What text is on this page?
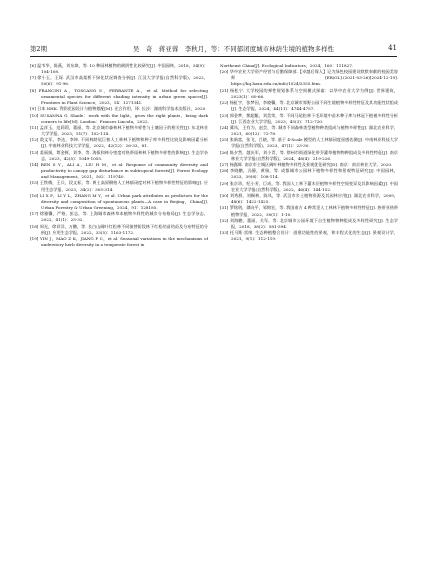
第2期	吴　奇　蒋亚蓉　李秋月，等：不同郁闭度城市林荫生境的植物多样性	41

[6] 温韦华，陈燕，刘东焕，等. 10 种园林植物的耐阴性比较研究[J]. 中国园林，2018，34(9)：104-108.

[7] 徐小玉，王琛. 武汉市高架桥下绿化状况调查分析[J]. 江汉大学学报(自然科学版)，2022，50(6)：91-96.

[8] FRANCINI A，TOSCANO S，FERRANTE A，et al. Method for selecting ornamental species for different shading intensity in urban green spaces[J]. Frontiers in Plant Science，2023，14：1271341.

[9] 日本 NHK. 背阴花园设计与植物搭配[M]. 光合作用，译. 长沙：湖南科学技术出版社，2020.

[10] SUSANNA G. Shade：work with the light，grow the right plants，bring dark corners to life[M]. London：Frances Lincoln，2022.

[11] 孟祥玉，范莉莉，董丽，等. 北京城市森林林下植物多样性与土壤因子的相关性[J]. 东北林业大学学报，2023，51(7)：102-114.

[12] 敦文军，李达，李坤. 不同林龄尾巨桉人工林林下植物和种子库多样性比较及影响因素分析[J]. 中南林业科技大学学报，2022，42(12)：26-33，81.

[13] 姜丽娟，覃金辉，刘李，等. 海拔和林分密度对热带雨林林下植物多样性的影响[J]. 生态学杂志，2023，42(5)：1049-1055.

[14] REN S Y，ALI A，LIU H M，et al. Response of community diversity and productivity to canopy gap disturbance in subtropical forests[J]. Forest Ecology and Management，2021，502：119740.

[15] 王铁梅，王兵，段文标，等. 黄土高原侧柏人工林郁闭度对林下植物多样性特征的影响[J]. 应用生态学报，2023，34(2)：305-314.

[16] LI X P，LI Y L，ZHANG M Y，et al. Urban park attributes as predictors for the diversity and composition of spontaneous plants—A case in Beijing，China[J]. Urban Forestry & Urban Greening，2024，91：128185.

[17] 徐雅馨，严格，彭志，等. 上海城市森林草本植物多样性的城乡分布格局[J]. 生态学杂志，2022，41(1)：25-32.

[18] 周光，徐祥洋，万鹏，等. 长白山阔叶红松林不同演替阶段林下红松幼苗幼苗及分布特征的分析[J]. 应用生态学报，2022，33(5)：1163-1172.

[19] YIN J，MAO Z K，JIANG P C，et al. Seasonal variations in the mechanisms of understory herb diversity in a temperate forest in

Northeast China[J]. Ecological Indicators，2024，160：111827.

[20] 华中农业大学资产经营与后勤保障部.【卓越后保人】记为绿色校园建设默默奉献的校园美容师[EB/OL].(2021-03-26)[2024-12-19]. https://hq.hzau.edu.cn/info/1024/5355.htm.

[21] 杨松宁. 大学校园的弹性规划体系与空间模式探索：以华中农业大学为例[J]. 世界建筑，2023(1)：60-66.

[22] 杨虹宇，张梦因，李晓馨，等. 北京城市郊野公园不同生境植物多样性特征及其功能性状组成[J]. 生态学报，2024，44(11)：4744-4757.

[23] 郭金梦，熊超艇，刘美荣，等. 不同马尾松林下毛环境中苗木种子库与林冠下植被多样性分析[J]. 江西农业大学学报，2023，45(3)：712-720.

[24] 冀凤，王有为，赵芸，等. 城市不同森林类型植物种类组成与植物多样性[J]. 湖北农业科学，2021，60(12)：72-78.

[25] 张新富，张飞，吕晓，等. 基于 4-Scale 模型的人工林郁闭度遥感估测[J]. 中南林业科技大学学报(自然科学版)，2023，47(1)：23-30.

[26] 陈夕然，越庆军，刘小青，等. 徐州市街道绿化带乔灌草植物物种组成及多样性特征[J]. 南京林业大学学报(自然科学版)，2024，48(4)：219-226.

[27] 杨露辉. 南京市主城区阔叶林植物多样性及景观优化研究[D]. 南京：南京林业大学，2020.

[28] 李晓鹏，冯静，黄瑞，等. 成都城市公园林下植物多样性和景观特征研究[J]. 中国园林，2023，39(8)：108-114.

[29] 张京珍，纪小芳，巨成，等. 我国人工林下灌木层植物多样性空间变异及其影响因素[J]. 中国农业大学学报(自然科学版)，2022，46(4)：144-152.

[30] 刘秀群，刘桐林，陈凤，等. 武汉市乡土植物资源及其园林应用[J]. 湖北农业科学，2009，48(6)：1422-1425.

[31] 罗铭明，谭向平，邹锦宏，等. 我国南方 4 种常见人工林林下植物多样性特征[J]. 热带亚热带植物学报，2022，30(1)：1-10.

[32] 刘海鹏，董丽，关军，等. 北京城市公园环境下自生植物物种组成及多样性研究[J]. 生态学报，2018，38(2)：581-594.

[33] 托马斯·雷纳. 生态种植整合设计：创建功能性的景观，和丰程式化的生态[J]. 景观设计学，2021，9(1)：112-119.
